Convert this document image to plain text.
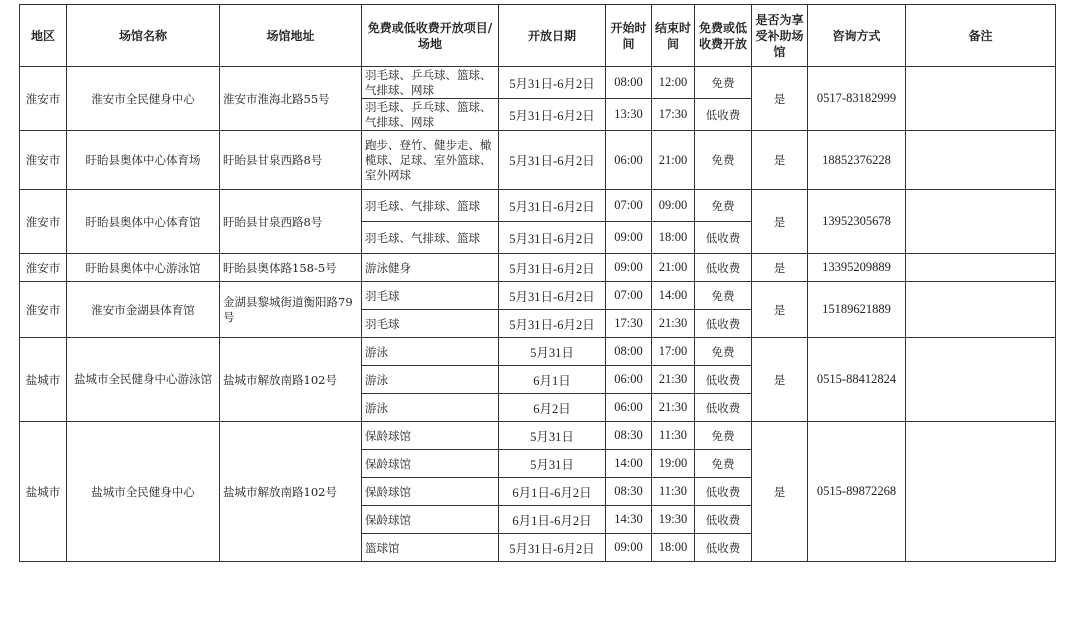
地区	场馆名称	场馆地址	免费或低收费开放项目/场地	开放日期	开始时间	结束时间	免费或低收费开放	是否为享受补助场馆	咨询方式	备注
淮安市	淮安市全民健身中心	淮安市淮海北路55号	羽毛球、乒乓球、篮球、气排球、网球	5月31日-6月2日	08:00	12:00	免费	是	0517-83182999	
			羽毛球、乒乓球、篮球、气排球、网球	5月31日-6月2日	13:30	17:30	低收费			
淮安市	盱眙县奥体中心体育场	盱眙县甘泉西路8号	跑步、登竹、健步走、橄榄球、足球、室外篮球、室外网球	5月31日-6月2日	06:00	21:00	免费	是	18852376228	
淮安市	盱眙县奥体中心体育馆	盱眙县甘泉西路8号	羽毛球、气排球、篮球	5月31日-6月2日	07:00	09:00	免费	是	13952305678	
			羽毛球、气排球、篮球	5月31日-6月2日	09:00	18:00	低收费			
淮安市	盱眙县奥体中心游泳馆	盱眙县奥体路158-5号	游泳健身	5月31日-6月2日	09:00	21:00	低收费	是	13395209889	
淮安市	淮安市金湖县体育馆	金湖县黎城街道衡阳路79号	羽毛球	5月31日-6月2日	07:00	14:00	免费	是	15189621889	
			羽毛球	5月31日-6月2日	17:30	21:30	低收费			
盐城市	盐城市全民健身中心游泳馆	盐城市解放南路102号	游泳	5月31日	08:00	17:00	免费	是	0515-88412824	
			游泳	6月1日	06:00	21:30	低收费			
			游泳	6月2日	06:00	21:30	低收费			
盐城市	盐城市全民健身中心	盐城市解放南路102号	保龄球馆	5月31日	08:30	11:30	免费	是	0515-89872268	
			保龄球馆	5月31日	14:00	19:00	免费			
			保龄球馆	6月1日-6月2日	08:30	11:30	低收费			
			保龄球馆	6月1日-6月2日	14:30	19:30	低收费			
			篮球馆	5月31日-6月2日	09:00	18:00	低收费			
